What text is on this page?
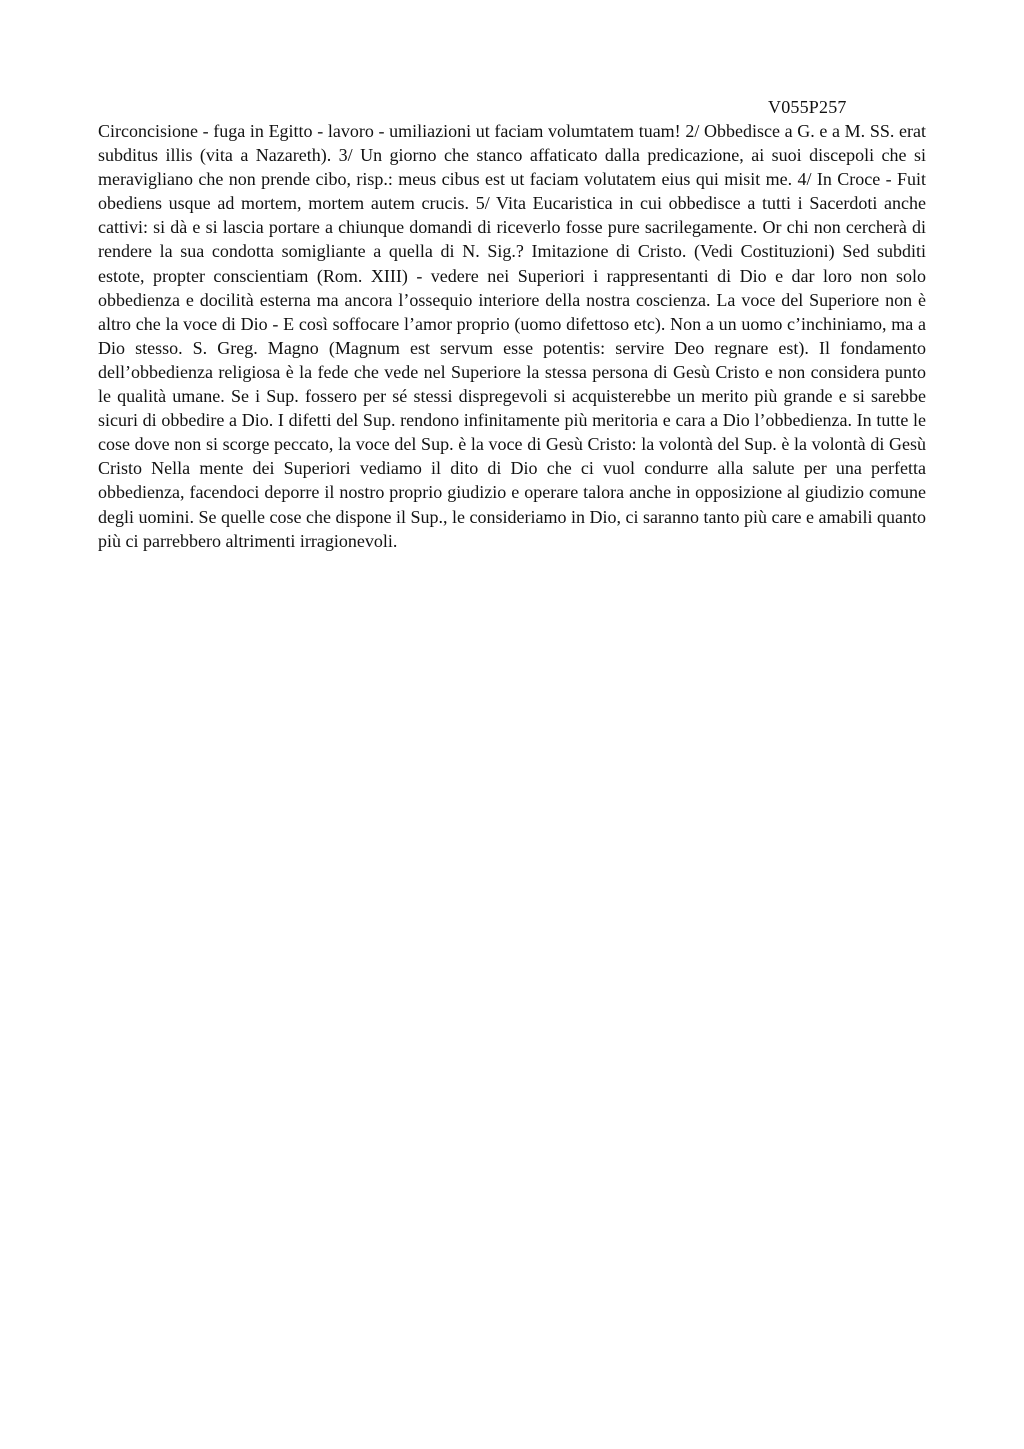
V055P257

Circoncisione - fuga in Egitto - lavoro - umiliazioni ut faciam volumtatem tuam! 2/ Obbedisce a G. e a M. SS. erat subditus illis (vita a Nazareth). 3/ Un giorno che stanco affaticato dalla predicazione, ai suoi discepoli che si meravigliano che non prende cibo, risp.: meus cibus est ut faciam volutatem eius qui misit me. 4/ In Croce - Fuit obediens usque ad mortem, mortem autem crucis. 5/ Vita Eucaristica in cui obbedisce a tutti i Sacerdoti anche cattivi: si dà e si lascia portare a chiunque domandi di riceverlo fosse pure sacrilegamente. Or chi non cercherà di rendere la sua condotta somigliante a quella di N. Sig.? Imitazione di Cristo. (Vedi Costituzioni) Sed subditi estote, propter conscientiam (Rom. XIII) - vedere nei Superiori i rappresentanti di Dio e dar loro non solo obbedienza e docilità esterna ma ancora l’ossequio interiore della nostra coscienza. La voce del Superiore non è altro che la voce di Dio - E così soffocare l’amor proprio (uomo difettoso etc). Non a un uomo c’inchiniamo, ma a Dio stesso. S. Greg. Magno (Magnum est servum esse potentis: servire Deo regnare est). Il fondamento dell’obbedienza religiosa è la fede che vede nel Superiore la stessa persona di Gesù Cristo e non considera punto le qualità umane. Se i Sup. fossero per sé stessi dispregevoli si acquisterebbe un merito più grande e si sarebbe sicuri di obbedire a Dio. I difetti del Sup. rendono infinitamente più meritoria e cara a Dio l’obbedienza. In tutte le cose dove non si scorge peccato, la voce del Sup. è la voce di Gesù Cristo: la volontà del Sup. è la volontà di Gesù Cristo Nella mente dei Superiori vediamo il dito di Dio che ci vuol condurre alla salute per una perfetta obbedienza, facendoci deporre il nostro proprio giudizio e operare talora anche in opposizione al giudizio comune degli uomini. Se quelle cose che dispone il Sup., le consideriamo in Dio, ci saranno tanto più care e amabili quanto più ci parrebbero altrimenti irragionevoli.
